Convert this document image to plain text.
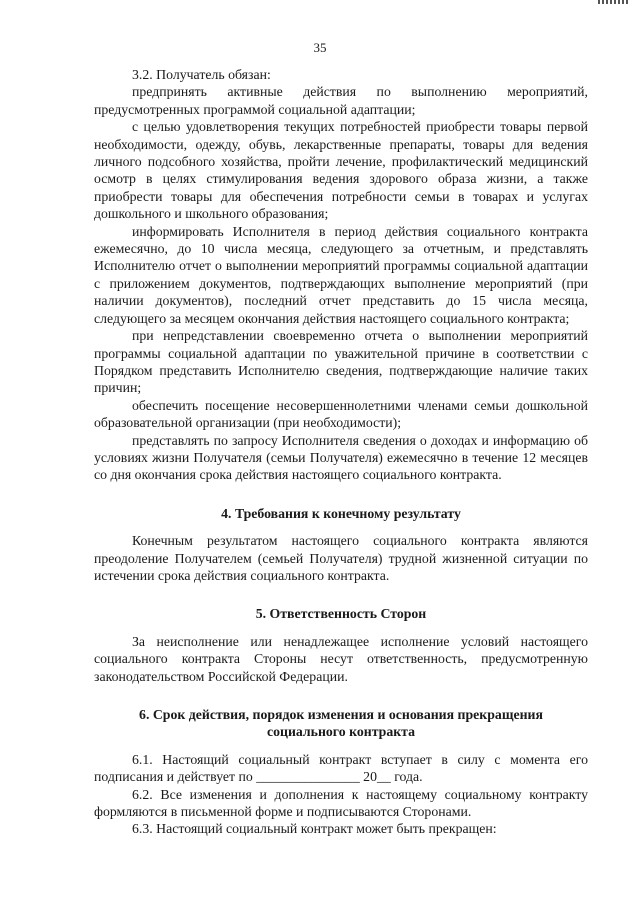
35

3.2. Получатель обязан:

предпринять активные действия по выполнению мероприятий, предусмотренных программой социальной адаптации;

с целью удовлетворения текущих потребностей приобрести товары первой необходимости, одежду, обувь, лекарственные препараты, товары для ведения личного подсобного хозяйства, пройти лечение, профилактический медицинский осмотр в целях стимулирования ведения здорового образа жизни, а также приобрести товары для обеспечения потребности семьи в товарах и услугах дошкольного и школьного образования;

информировать Исполнителя в период действия социального контракта ежемесячно, до 10 числа месяца, следующего за отчетным, и представлять Исполнителю отчет о выполнении мероприятий программы социальной адаптации с приложением документов, подтверждающих выполнение мероприятий (при наличии документов), последний отчет представить до 15 числа месяца, следующего за месяцем окончания действия настоящего социального контракта;

при непредставлении своевременно отчета о выполнении мероприятий программы социальной адаптации по уважительной причине в соответствии с Порядком представить Исполнителю сведения, подтверждающие наличие таких причин;

обеспечить посещение несовершеннолетними членами семьи дошкольной образовательной организации (при необходимости);

представлять по запросу Исполнителя сведения о доходах и информацию об условиях жизни Получателя (семьи Получателя) ежемесячно в течение 12 месяцев со дня окончания срока действия настоящего социального контракта.

4. Требования к конечному результату

Конечным результатом настоящего социального контракта являются преодоление Получателем (семьей Получателя) трудной жизненной ситуации по истечении срока действия социального контракта.

5. Ответственность Сторон

За неисполнение или ненадлежащее исполнение условий настоящего социального контракта Стороны несут ответственность, предусмотренную законодательством Российской Федерации.

6. Срок действия, порядок изменения и основания прекращения

социального контракта

6.1. Настоящий социальный контракт вступает в силу с момента его подписания и действует по _______________ 20__ года.

6.2. Все изменения и дополнения к настоящему социальному контракту формляются в письменной форме и подписываются Сторонами.

6.3. Настоящий социальный контракт может быть прекращен:
